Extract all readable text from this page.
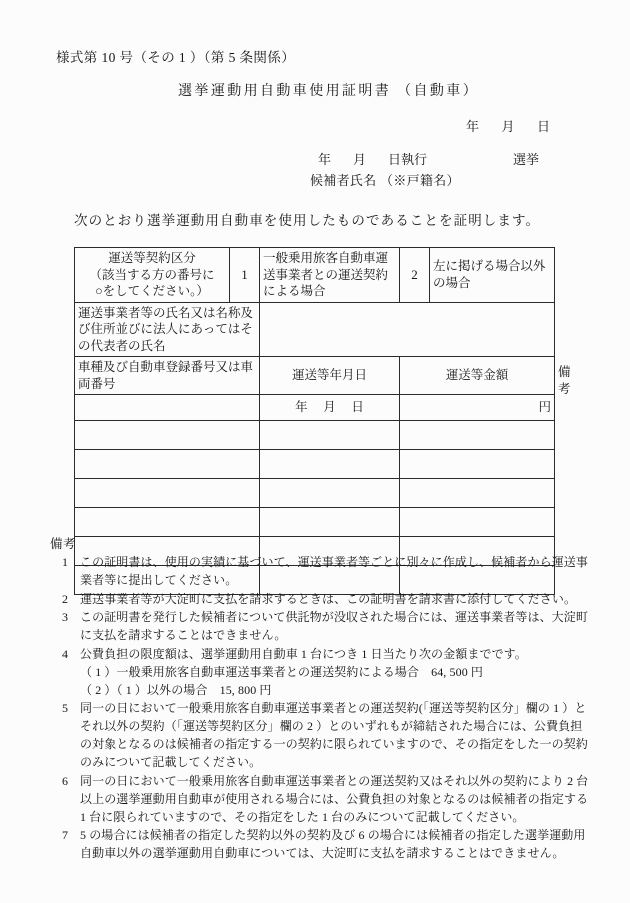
様式第 10 号（その 1 ）（第 5 条関係）
選挙運動用自動車使用証明書 （自動車）
年 月 日
年 月 日執行	選挙
候補者氏名 （※戸籍名）
次のとおり選挙運動用自動車を使用したものであることを証明します。
運送等契約区分
（該当する方の番号に
○をしてください。）	1	一般乗用旅客自動車運送事業者との運送契約による場合	2	左に掲げる場合以外の場合	
運送事業者等の氏名又は名称及び住所並びに法人にあってはその代表者の氏名					
車種及び自動車登録番号又は車両番号		運送等年月日	運送等金額		備考
		年 月 日	円		

備考
1 この証明書は、使用の実績に基づいて、運送事業者等ごとに別々に作成し、候補者から運送事業者等に提出してください。
2 運送事業者等が大淀町に支払を請求するときは、この証明書を請求書に添付してください。
3 この証明書を発行した候補者について供託物が没収された場合には、運送事業者等は、大淀町に支払を請求することはできません。
4 公費負担の限度額は、選挙運動用自動車 1 台につき 1 日当たり次の金額までです。
（ 1 ）一般乗用旅客自動車運送事業者との運送契約による場合　64, 500 円
（ 2 ）（ 1 ）以外の場合　15, 800 円
5 同一の日において一般乗用旅客自動車運送事業者との運送契約(「運送等契約区分」欄の 1 ）とそれ以外の契約（「運送等契約区分」欄の 2 ）とのいずれもが締結された場合には、公費負担の対象となるのは候補者の指定する一の契約に限られていますので、その指定をした一の契約のみについて記載してください。
6 同一の日において一般乗用旅客自動車運送事業者との運送契約又はそれ以外の契約により 2 台以上の選挙運動用自動車が使用される場合には、公費負担の対象となるのは候補者の指定する 1 台に限られていますので、その指定をした 1 台のみについて記載してください。
7 5 の場合には候補者の指定した契約以外の契約及び 6 の場合には候補者の指定した選挙運動用自動車以外の選挙運動用自動車については、大淀町に支払を請求することはできません。
